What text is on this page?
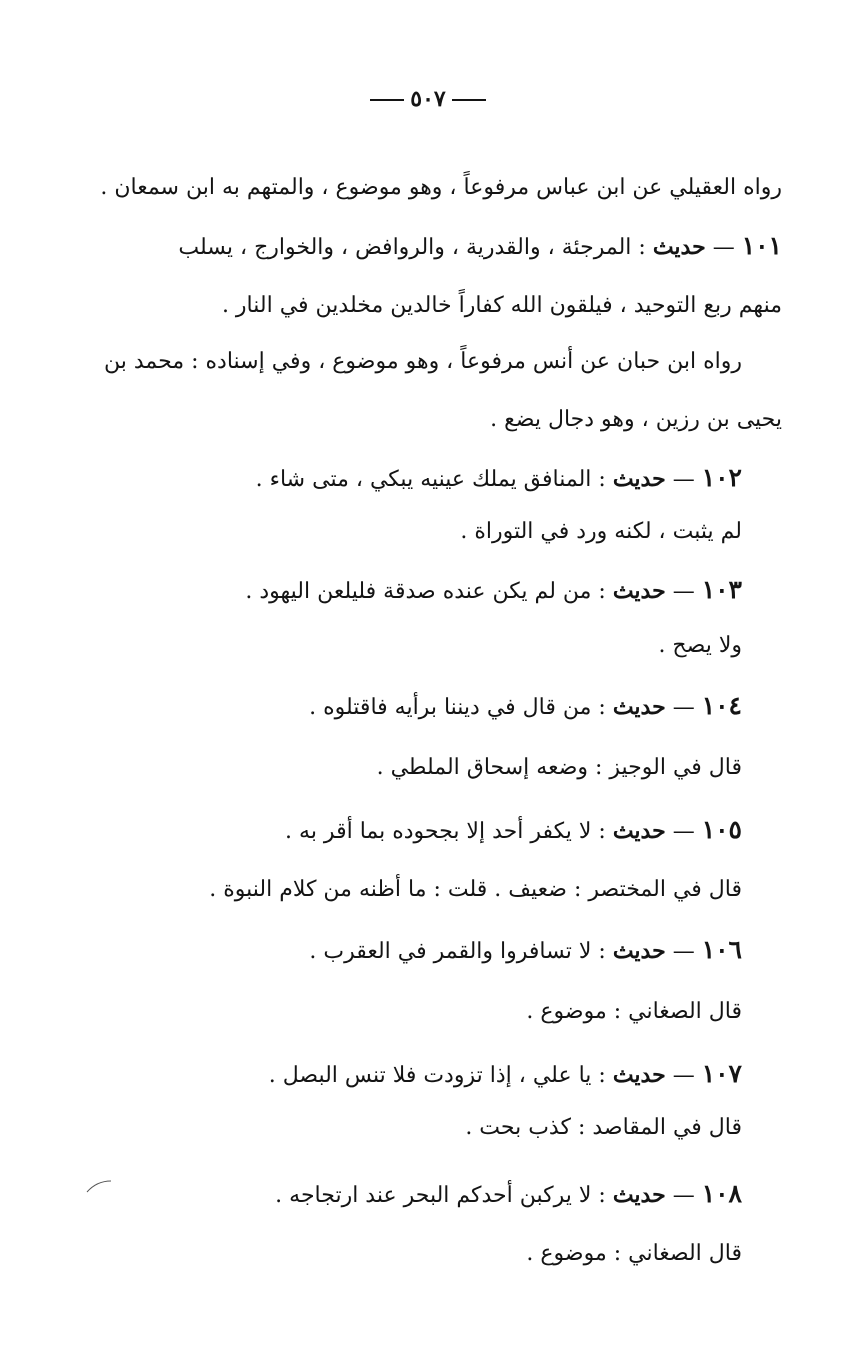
٥٠٧
رواه العقيلي عن ابن عباس مرفوعاً ، وهو موضوع ، والمتهم به ابن سمعان .
١٠١ — حديث : المرجئة ، والقدرية ، والروافض ، والخوارج ، يسلب
منهم ربع التوحيد ، فيلقون الله كفاراً خالدين مخلدين في النار .
رواه ابن حبان عن أنس مرفوعاً ، وهو موضوع ، وفي إسناده : محمد بن
يحيى بن رزين ، وهو دجال يضع .
١٠٢ — حديث : المنافق يملك عينيه يبكي ، متى شاء .
لم يثبت ، لكنه ورد في التوراة .
١٠٣ — حديث : من لم يكن عنده صدقة فليلعن اليهود .
ولا يصح .
١٠٤ — حديث : من قال في ديننا برأيه فاقتلوه .
قال في الوجيز : وضعه إسحاق الملطي .
١٠٥ — حديث : لا يكفر أحد إلا بجحوده بما أقر به .
قال في المختصر : ضعيف . قلت : ما أظنه من كلام النبوة .
١٠٦ — حديث : لا تسافروا والقمر في العقرب .
قال الصغاني : موضوع .
١٠٧ — حديث : يا علي ، إذا تزودت فلا تنس البصل .
قال في المقاصد : كذب بحت .
١٠٨ — حديث : لا يركبن أحدكم البحر عند ارتجاجه .
قال الصغاني : موضوع .
